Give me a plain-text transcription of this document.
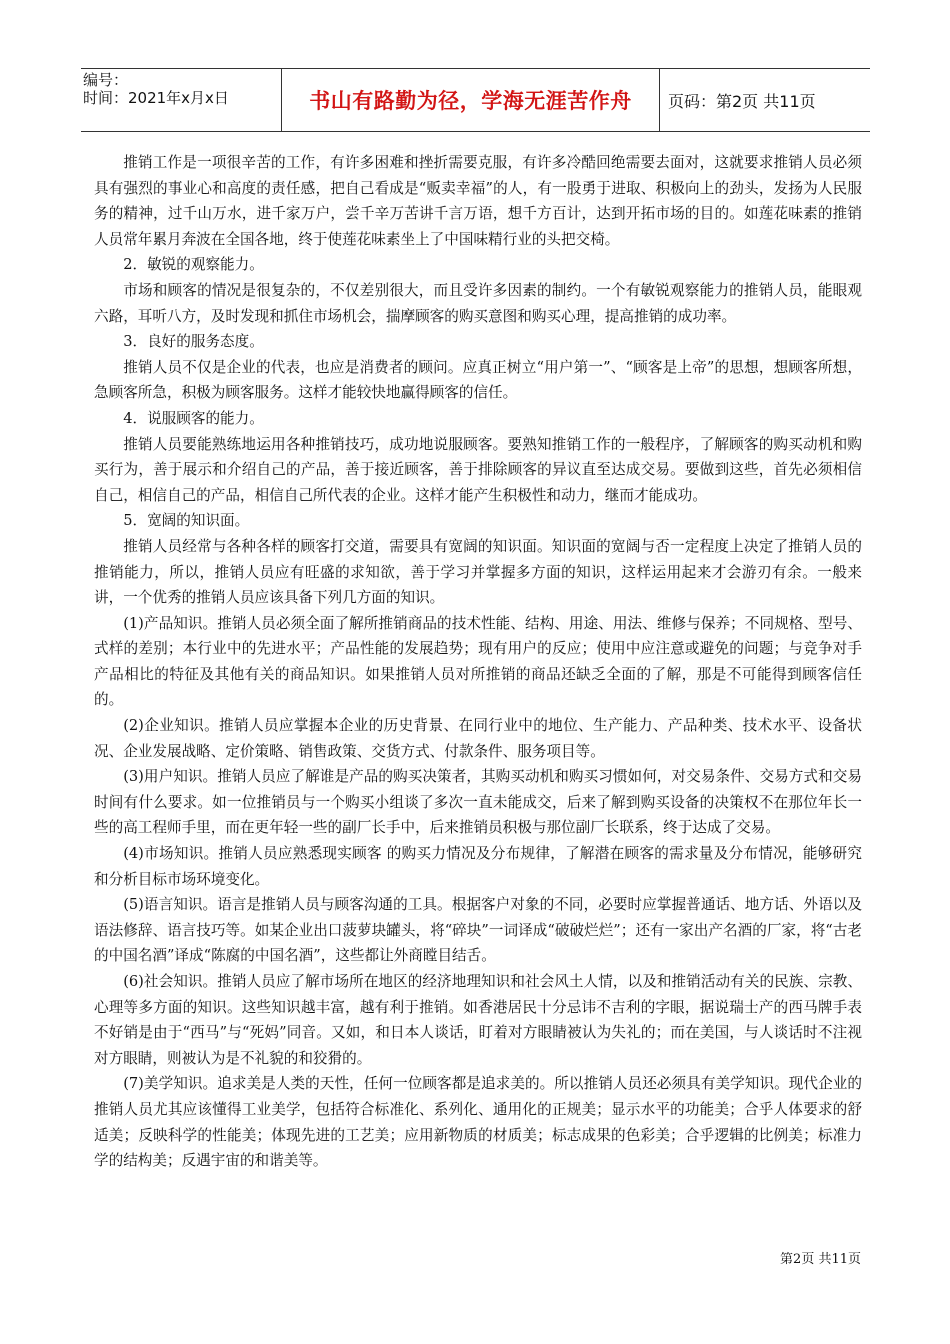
编号：
时间：2021年x月x日	书山有路勤为径，学海无涯苦作舟	页码：第2页 共11页

推销工作是一项很辛苦的工作，有许多困难和挫折需要克服，有许多冷酷回绝需要去面对，这就要求推销人员必须具有强烈的事业心和高度的责任感，把自己看成是“贩卖幸福”的人，有一股勇于进取、积极向上的劲头，发扬为人民服务的精神，过千山万水，进千家万户，尝千辛万苦讲千言万语，想千方百计，达到开拓市场的目的。如莲花味素的推销人员常年累月奔波在全国各地，终于使莲花味素坐上了中国味精行业的头把交椅。

2．敏锐的观察能力。

市场和顾客的情况是很复杂的，不仅差别很大，而且受许多因素的制约。一个有敏锐观察能力的推销人员，能眼观六路，耳听八方，及时发现和抓住市场机会，揣摩顾客的购买意图和购买心理，提高推销的成功率。

3．良好的服务态度。

推销人员不仅是企业的代表，也应是消费者的顾问。应真正树立“用户第一”、“顾客是上帝”的思想，想顾客所想，急顾客所急，积极为顾客服务。这样才能较快地赢得顾客的信任。

4．说服顾客的能力。

推销人员要能熟练地运用各种推销技巧，成功地说服顾客。要熟知推销工作的一般程序，了解顾客的购买动机和购买行为，善于展示和介绍自己的产品，善于接近顾客，善于排除顾客的异议直至达成交易。要做到这些，首先必须相信自己，相信自己的产品，相信自己所代表的企业。这样才能产生积极性和动力，继而才能成功。

5．宽阔的知识面。

推销人员经常与各种各样的顾客打交道，需要具有宽阔的知识面。知识面的宽阔与否一定程度上决定了推销人员的推销能力，所以，推销人员应有旺盛的求知欲，善于学习并掌握多方面的知识，这样运用起来才会游刃有余。一般来讲，一个优秀的推销人员应该具备下列几方面的知识。

(1)产品知识。推销人员必须全面了解所推销商品的技术性能、结构、用途、用法、维修与保养；不同规格、型号、式样的差别；本行业中的先进水平；产品性能的发展趋势；现有用户的反应；使用中应注意或避免的问题；与竞争对手产品相比的特征及其他有关的商品知识。如果推销人员对所推销的商品还缺乏全面的了解，那是不可能得到顾客信任的。

(2)企业知识。推销人员应掌握本企业的历史背景、在同行业中的地位、生产能力、产品种类、技术水平、设备状况、企业发展战略、定价策略、销售政策、交货方式、付款条件、服务项目等。

(3)用户知识。推销人员应了解谁是产品的购买决策者，其购买动机和购买习惯如何，对交易条件、交易方式和交易时间有什么要求。如一位推销员与一个购买小组谈了多次一直未能成交，后来了解到购买设备的决策权不在那位年长一些的高工程师手里，而在更年轻一些的副厂长手中，后来推销员积极与那位副厂长联系，终于达成了交易。

(4)市场知识。推销人员应熟悉现实顾客 的购买力情况及分布规律，了解潜在顾客的需求量及分布情况，能够研究和分析目标市场环境变化。

(5)语言知识。语言是推销人员与顾客沟通的工具。根据客户对象的不同，必要时应掌握普通话、地方话、外语以及语法修辞、语言技巧等。如某企业出口菠萝块罐头，将“碎块”一词译成“破破烂烂”；还有一家出产名酒的厂家，将“古老的中国名酒”译成“陈腐的中国名酒”，这些都让外商瞠目结舌。

(6)社会知识。推销人员应了解市场所在地区的经济地理知识和社会风土人情，以及和推销活动有关的民族、宗教、心理等多方面的知识。这些知识越丰富，越有利于推销。如香港居民十分忌讳不吉利的字眼，据说瑞士产的西马牌手表不好销是由于“西马”与“死妈”同音。又如，和日本人谈话，盯着对方眼睛被认为失礼的；而在美国，与人谈话时不注视对方眼睛，则被认为是不礼貌的和狡猾的。

(7)美学知识。追求美是人类的天性，任何一位顾客都是追求美的。所以推销人员还必须具有美学知识。现代企业的推销人员尤其应该懂得工业美学，包括符合标准化、系列化、通用化的正规美；显示水平的功能美；合乎人体要求的舒适美；反映科学的性能美；体现先进的工艺美；应用新物质的材质美；标志成果的色彩美；合乎逻辑的比例美；标准力学的结构美；反遇宇宙的和谐美等。

第2页 共11页
